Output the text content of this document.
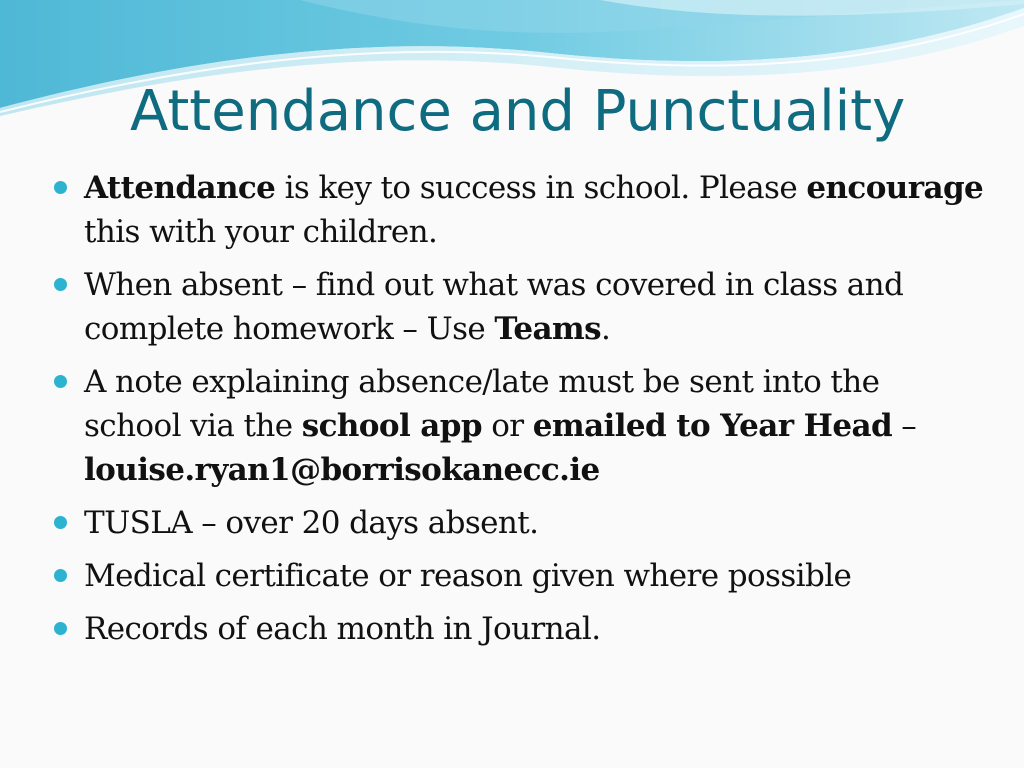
Attendance and Punctuality
Attendance is key to success in school. Please encourage this with your children.
When absent – find out what was covered in class and complete homework – Use Teams.
A note explaining absence/late must be sent into the school via the school app or emailed to Year Head – louise.ryan1@borrisokanecc.ie
TUSLA – over 20 days absent.
Medical certificate or reason given where possible
Records of each month in Journal.
